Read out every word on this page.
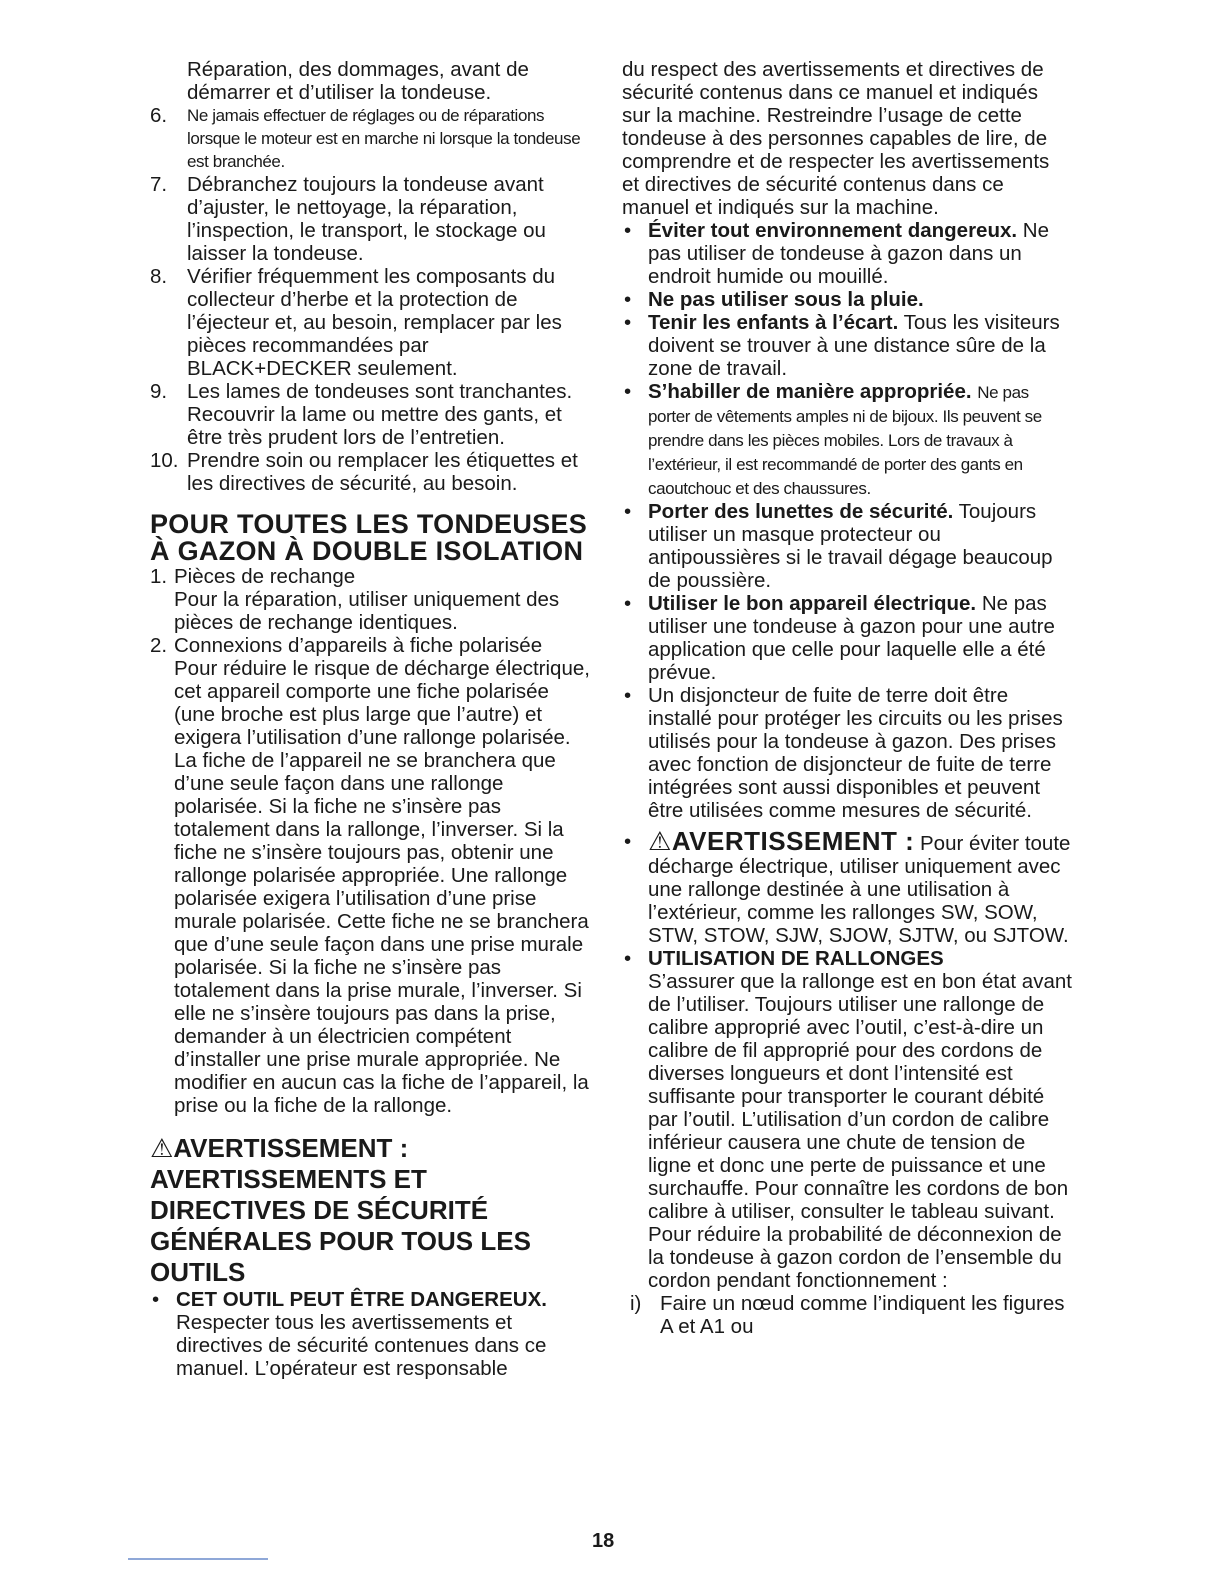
Réparation, des dommages, avant de démarrer et d’utiliser la tondeuse.

6. Ne jamais effectuer de réglages ou de réparations lorsque le moteur est en marche ni lorsque la tondeuse est branchée.
7. Débranchez toujours la tondeuse avant d’ajuster, le nettoyage, la réparation, l’inspection, le transport, le stockage ou laisser la tondeuse.
8. Vérifier fréquemment les composants du collecteur d’herbe et la protection de l’éjecteur et, au besoin, remplacer par les pièces recommandées par BLACK+DECKER seulement.
9. Les lames de tondeuses sont tranchantes. Recouvrir la lame ou mettre des gants, et être très prudent lors de l’entretien.
10. Prendre soin ou remplacer les étiquettes et les directives de sécurité, au besoin.
POUR TOUTES LES TONDEUSES À GAZON À DOUBLE ISOLATION
1. Pièces de rechange
Pour la réparation, utiliser uniquement des pièces de rechange identiques.
2. Connexions d’appareils à fiche polarisée
Pour réduire le risque de décharge électrique, cet appareil comporte une fiche polarisée (une broche est plus large que l’autre) et exigera l’utilisation d’une rallonge polarisée. La fiche de l’appareil ne se branchera que d’une seule façon dans une rallonge polarisée. Si la fiche ne s’insère pas totalement dans la rallonge, l’inverser. Si la fiche ne s’insère toujours pas, obtenir une rallonge polarisée appropriée. Une rallonge polarisée exigera l’utilisation d’une prise murale polarisée. Cette fiche ne se branchera que d’une seule façon dans une prise murale polarisée. Si la fiche ne s’insère pas totalement dans la prise murale, l’inverser. Si elle ne s’insère toujours pas dans la prise, demander à un électricien compétent d’installer une prise murale appropriée. Ne modifier en aucun cas la fiche de l’appareil, la prise ou la fiche de la rallonge.
⚠AVERTISSEMENT :
AVERTISSEMENTS ET DIRECTIVES DE SÉCURITÉ GÉNÉRALES POUR TOUS LES OUTILS
• CET OUTIL PEUT ÊTRE DANGEREUX. Respecter tous les avertissements et directives de sécurité contenues dans ce manuel. L’opérateur est responsable

du respect des avertissements et directives de sécurité contenus dans ce manuel et indiqués sur la machine. Restreindre l’usage de cette tondeuse à des personnes capables de lire, de comprendre et de respecter les avertissements et directives de sécurité contenus dans ce manuel et indiqués sur la machine.

• Éviter tout environnement dangereux. Ne pas utiliser de tondeuse à gazon dans un endroit humide ou mouillé.
• Ne pas utiliser sous la pluie.
• Tenir les enfants à l’écart. Tous les visiteurs doivent se trouver à une distance sûre de la zone de travail.
• S’habiller de manière appropriée. Ne pas porter de vêtements amples ni de bijoux. Ils peuvent se prendre dans les pièces mobiles. Lors de travaux à l’extérieur, il est recommandé de porter des gants en caoutchouc et des chaussures.
• Porter des lunettes de sécurité. Toujours utiliser un masque protecteur ou antipoussières si le travail dégage beaucoup de poussière.
• Utiliser le bon appareil électrique. Ne pas utiliser une tondeuse à gazon pour une autre application que celle pour laquelle elle a été prévue.
• Un disjoncteur de fuite de terre doit être installé pour protéger les circuits ou les prises utilisés pour la tondeuse à gazon. Des prises avec fonction de disjoncteur de fuite de terre intégrées sont aussi disponibles et peuvent être utilisées comme mesures de sécurité.
• ⚠AVERTISSEMENT : Pour éviter toute décharge électrique, utiliser uniquement avec une rallonge destinée à une utilisation à l’extérieur, comme les rallonges SW, SOW, STW, STOW, SJW, SJOW, SJTW, ou SJTOW.
• UTILISATION DE RALLONGES
S’assurer que la rallonge est en bon état avant de l’utiliser. Toujours utiliser une rallonge de calibre approprié avec l’outil, c’est-à-dire un calibre de fil approprié pour des cordons de diverses longueurs et dont l’intensité est suffisante pour transporter le courant débité par l’outil. L’utilisation d’un cordon de calibre inférieur causera une chute de tension de ligne et donc une perte de puissance et une surchauffe. Pour connaître les cordons de bon calibre à utiliser, consulter le tableau suivant. Pour réduire la probabilité de déconnexion de la tondeuse à gazon cordon de l’ensemble du cordon pendant fonctionnement :
i) Faire un nœud comme l’indiquent les figures A et A1 ou
18
